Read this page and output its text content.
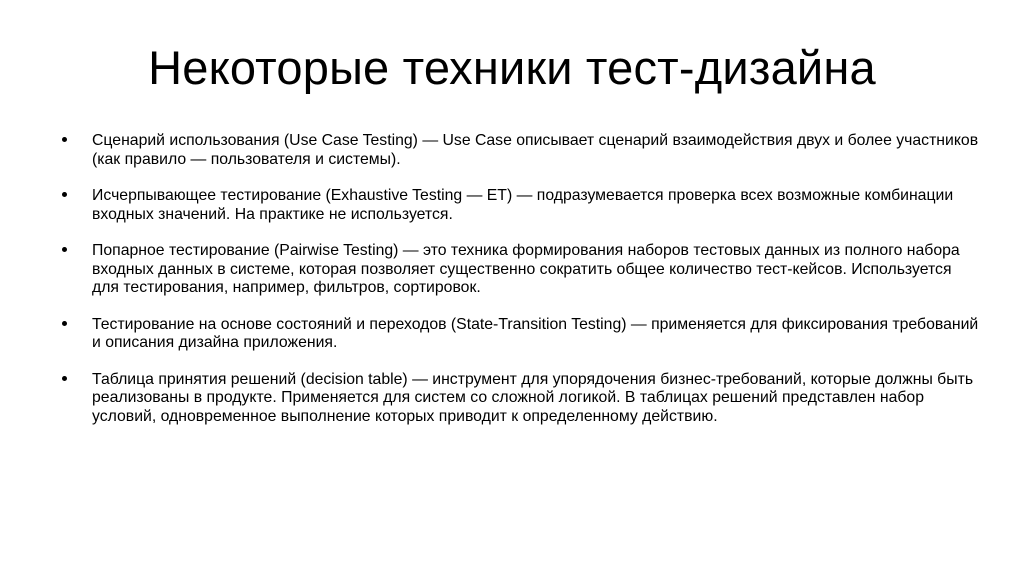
Некоторые техники тест-дизайна
Сценарий использования (Use Case Testing) — Use Case описывает сценарий взаимодействия двух и более участников (как правило — пользователя и системы).
Исчерпывающее тестирование (Exhaustive Testing — ET) — подразумевается проверка всех возможные комбинации входных значений. На практике не используется.
Попарное тестирование (Pairwise Testing) — это техника формирования наборов тестовых данных из полного набора входных данных в системе, которая позволяет существенно сократить общее количество тест-кейсов. Используется для тестирования, например, фильтров, сортировок.
Тестирование на основе состояний и переходов (State-Transition Testing) — применяется для фиксирования требований и описания дизайна приложения.
Таблица принятия решений (decision table) — инструмент для упорядочения бизнес-требований, которые должны быть реализованы в продукте. Применяется для систем со сложной логикой. В таблицах решений представлен набор условий, одновременное выполнение которых приводит к определенному действию.
